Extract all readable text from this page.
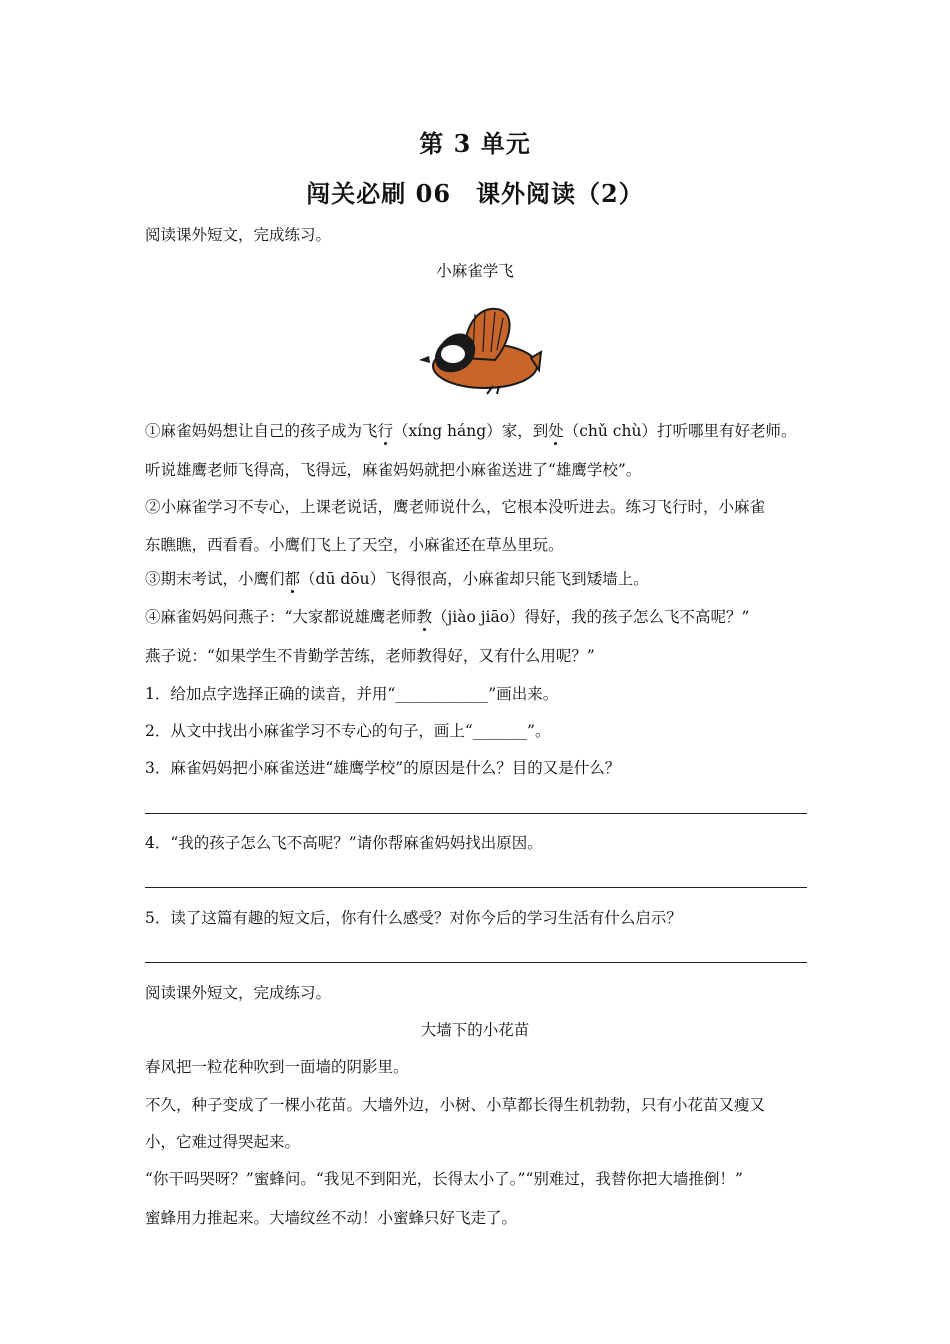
第 3 单元
闯关必刷 06　课外阅读（2）
阅读课外短文，完成练习。
小麻雀学飞
①麻雀妈妈想让自己的孩子成为飞行（xíng háng）家，到处（chǔ chù）打听哪里有好老师。
听说雄鹰老师飞得高，飞得远，麻雀妈妈就把小麻雀送进了“雄鹰学校”。
②小麻雀学习不专心，上课老说话，鹰老师说什么，它根本没听进去。练习飞行时，小麻雀
东瞧瞧，西看看。小鹰们飞上了天空，小麻雀还在草丛里玩。
③期末考试，小鹰们都（dū dōu）飞得很高，小麻雀却只能飞到矮墙上。
④麻雀妈妈问燕子：“大家都说雄鹰老师教（jiào jiāo）得好，我的孩子怎么飞不高呢？”
燕子说：“如果学生不肯勤学苦练，老师教得好，又有什么用呢？”
1．给加点字选择正确的读音，并用“____________”画出来。
2．从文中找出小麻雀学习不专心的句子，画上“_______”。
3．麻雀妈妈把小麻雀送进“雄鹰学校”的原因是什么？目的又是什么？
4．“我的孩子怎么飞不高呢？”请你帮麻雀妈妈找出原因。
5．读了这篇有趣的短文后，你有什么感受？对你今后的学习生活有什么启示？
阅读课外短文，完成练习。
大墙下的小花苗
春风把一粒花种吹到一面墙的阴影里。
不久，种子变成了一棵小花苗。大墙外边，小树、小草都长得生机勃勃，只有小花苗又瘦又
小，它难过得哭起来。
“你干吗哭呀？”蜜蜂问。“我见不到阳光，长得太小了。”“别难过，我替你把大墙推倒！”
蜜蜂用力推起来。大墙纹丝不动！小蜜蜂只好飞走了。
